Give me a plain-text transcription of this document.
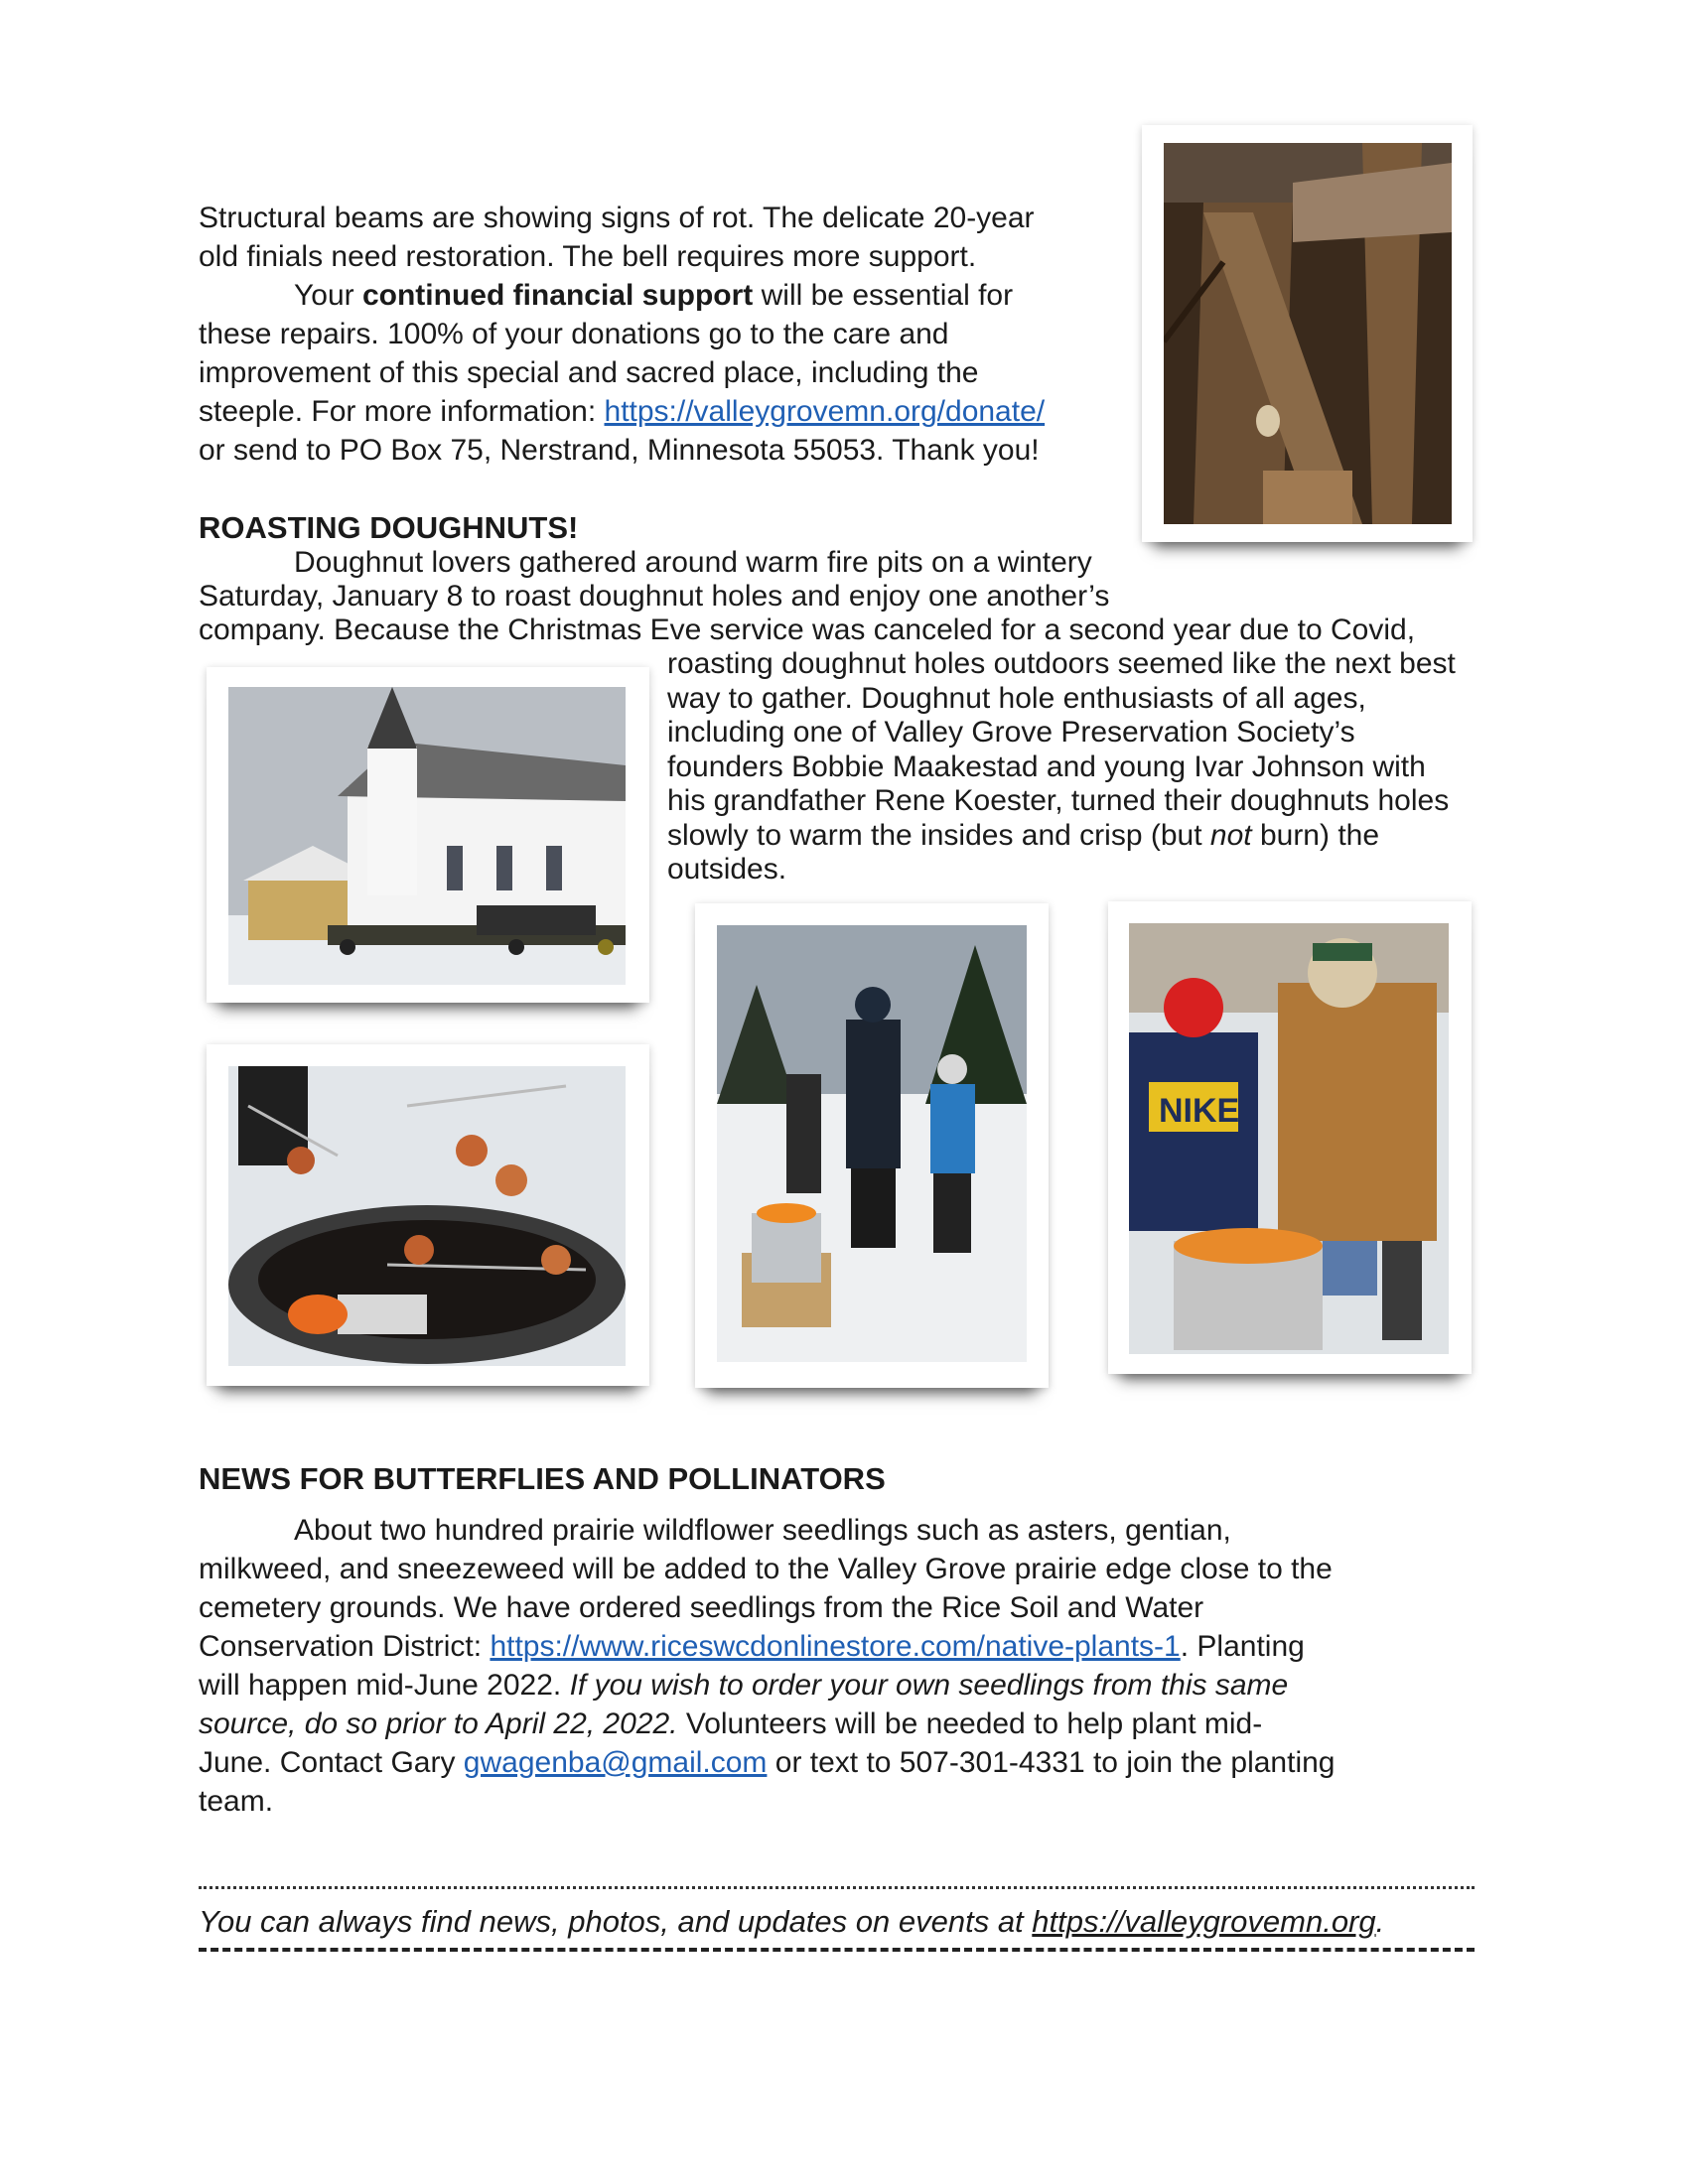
Structural beams are showing signs of rot. The delicate 20-year
old finials need restoration. The bell requires more support.
Your continued financial support will be essential for
these repairs. 100% of your donations go to the care and
improvement of this special and sacred place, including the
steeple. For more information: https://valleygrovemn.org/donate/
or send to PO Box 75, Nerstrand, Minnesota 55053. Thank you!
ROASTING DOUGHNUTS!
Doughnut lovers gathered around warm fire pits on a wintery
Saturday, January 8 to roast doughnut holes and enjoy one another’s
company. Because the Christmas Eve service was canceled for a second year due to Covid,
roasting doughnut holes outdoors seemed like the next best
way to gather. Doughnut hole enthusiasts of all ages,
including one of Valley Grove Preservation Society’s
founders Bobbie Maakestad and young Ivar Johnson with
his grandfather Rene Koester, turned their doughnuts holes
slowly to warm the insides and crisp (but not burn) the
outsides.
NIKE
NEWS FOR BUTTERFLIES AND POLLINATORS
About two hundred prairie wildflower seedlings such as asters, gentian,
milkweed, and sneezeweed will be added to the Valley Grove prairie edge close to the
cemetery grounds. We have ordered seedlings from the Rice Soil and Water
Conservation District: https://www.riceswcdonlinestore.com/native-plants-1. Planting
will happen mid-June 2022. If you wish to order your own seedlings from this same
source, do so prior to April 22, 2022. Volunteers will be needed to help plant mid-
June. Contact Gary gwagenba@gmail.com or text to 507-301-4331 to join the planting
team.
You can always find news, photos, and updates on events at https://valleygrovemn.org.
